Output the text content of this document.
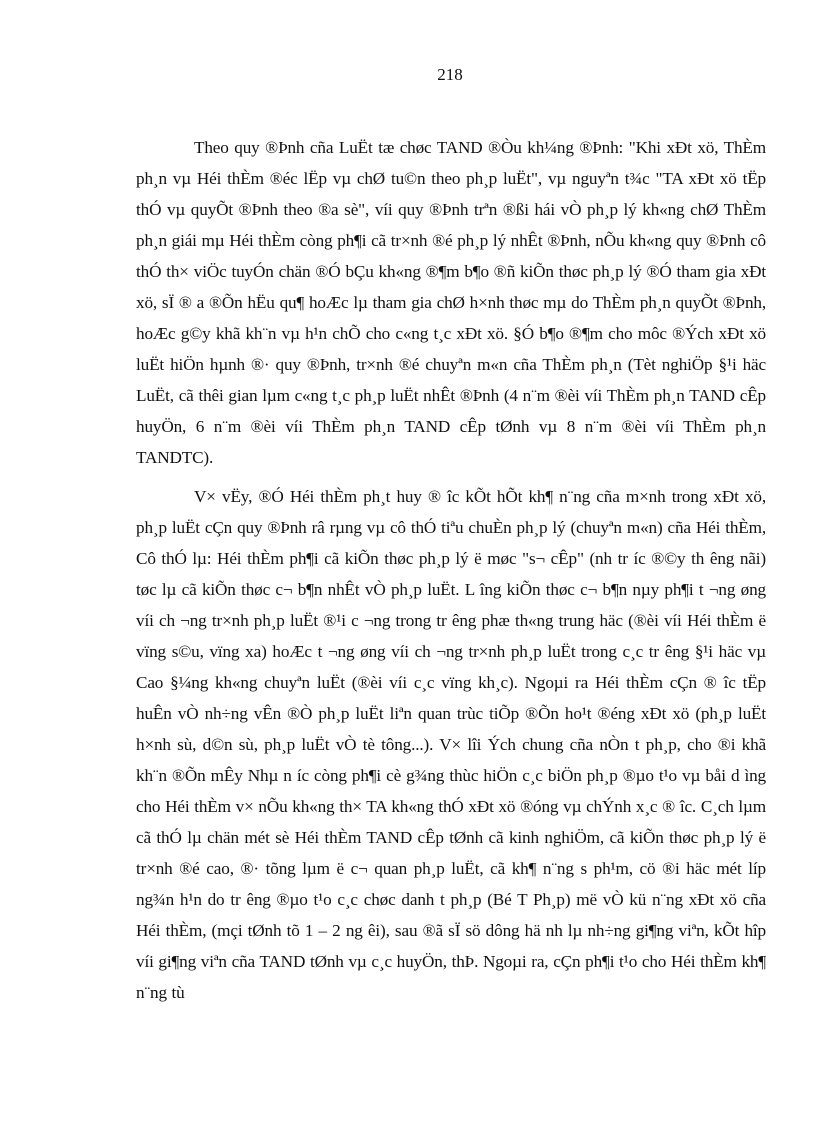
218

Theo quy ®Þnh cña LuËt tæ chøc TAND ®Òu kh¼ng ®Þnh: "Khi xÐt xö, ThÈm ph¸n vµ Héi thÈm ®éc lËp vµ chØ tu©n theo ph¸p luËt", vµ nguyªn t¾c "TA xÐt xö tËp thÓ vµ quyÕt ®Þnh theo ®a sè", víi quy ®Þnh trªn ®ßi hái vÒ ph¸p lý kh«ng chØ ThÈm ph¸n giái mµ Héi thÈm còng ph¶i cã tr×nh ®é ph¸p lý nhÊt ®Þnh, nÕu kh«ng quy ®Þnh cô thÓ th× viÖc tuyÓn chän ®Ó bÇu kh«ng ®¶m b¶o ®ñ kiÕn thøc ph¸p lý ®Ó tham gia xÐt xö, sÏ ® a ®Õn hËu qu¶ hoÆc lµ tham gia chØ h×nh thøc mµ do ThÈm ph¸n quyÕt ®Þnh, hoÆc g©y khã kh¨n vµ h¹n chÕ cho c«ng t¸c xÐt xö. §Ó b¶o ®¶m cho môc ®Ých xÐt xö luËt hiÖn hµnh ®· quy ®Þnh, tr×nh ®é chuyªn m«n cña ThÈm ph¸n (Tèt nghiÖp §¹i häc LuËt, cã thêi gian lµm c«ng t¸c ph¸p luËt nhÊt ®Þnh (4 n¨m ®èi víi ThÈm ph¸n TAND cÊp huyÖn, 6 n¨m ®èi víi ThÈm ph¸n TAND cÊp tØnh vµ 8 n¨m ®èi víi ThÈm ph¸n TANDTC).

V× vËy, ®Ó Héi thÈm ph¸t huy ® îc kÕt hÕt kh¶ n¨ng cña m×nh trong xÐt xö, ph¸p luËt cÇn quy ®Þnh râ rµng vµ cô thÓ tiªu chuÈn ph¸p lý (chuyªn m«n) cña Héi thÈm, Cô thÓ lµ: Héi thÈm ph¶i cã kiÕn thøc ph¸p lý ë møc "s¬ cÊp" (nh tr íc ®©y th êng nãi) tøc lµ cã kiÕn thøc c¬ b¶n nhÊt vÒ ph¸p luËt. L îng kiÕn thøc c¬ b¶n nµy ph¶i t ¬ng øng víi ch ¬ng tr×nh ph¸p luËt ®¹i c ¬ng trong tr êng phæ th«ng trung häc (®èi víi Héi thÈm ë vïng s©u, vïng xa) hoÆc t ¬ng øng víi ch ¬ng tr×nh ph¸p luËt trong c¸c tr êng §¹i häc vµ Cao §¼ng kh«ng chuyªn luËt (®èi víi c¸c vïng kh¸c). Ngoµi ra Héi thÈm cÇn ® îc tËp huÊn vÒ nh÷ng vÊn ®Ò ph¸p luËt liªn quan trùc tiÕp ®Õn ho¹t ®éng xÐt xö (ph¸p luËt h×nh sù, d©n sù, ph¸p luËt vÒ tè tông...). V× lîi Ých chung cña nÒn t ph¸p, cho ®i khã kh¨n ®Õn mÊy Nhµ n íc còng ph¶i cè g¾ng thùc hiÖn c¸c biÖn ph¸p ®µo t¹o vµ båi d ìng cho Héi thÈm v× nÕu kh«ng th× TA kh«ng thÓ xÐt xö ®óng vµ chÝnh x¸c ® îc. C¸ch lµm cã thÓ lµ chän mét sè Héi thÈm TAND cÊp tØnh cã kinh nghiÖm, cã kiÕn thøc ph¸p lý ë tr×nh ®é cao, ®· tõng lµm ë c¬ quan ph¸p luËt, cã kh¶ n¨ng s ph¹m, cö ®i häc mét líp ng¾n h¹n do tr êng ®µo t¹o c¸c chøc danh t ph¸p (Bé T Ph¸p) më vÒ kü n¨ng xÐt xö cña Héi thÈm, (mçi tØnh tõ 1 – 2 ng êi), sau ®ã sÏ sö dông hä nh lµ nh÷ng gi¶ng viªn, kÕt hîp víi gi¶ng viªn cña TAND tØnh vµ c¸c huyÖn, thÞ. Ngoµi ra, cÇn ph¶i t¹o cho Héi thÈm kh¶ n¨ng tù
